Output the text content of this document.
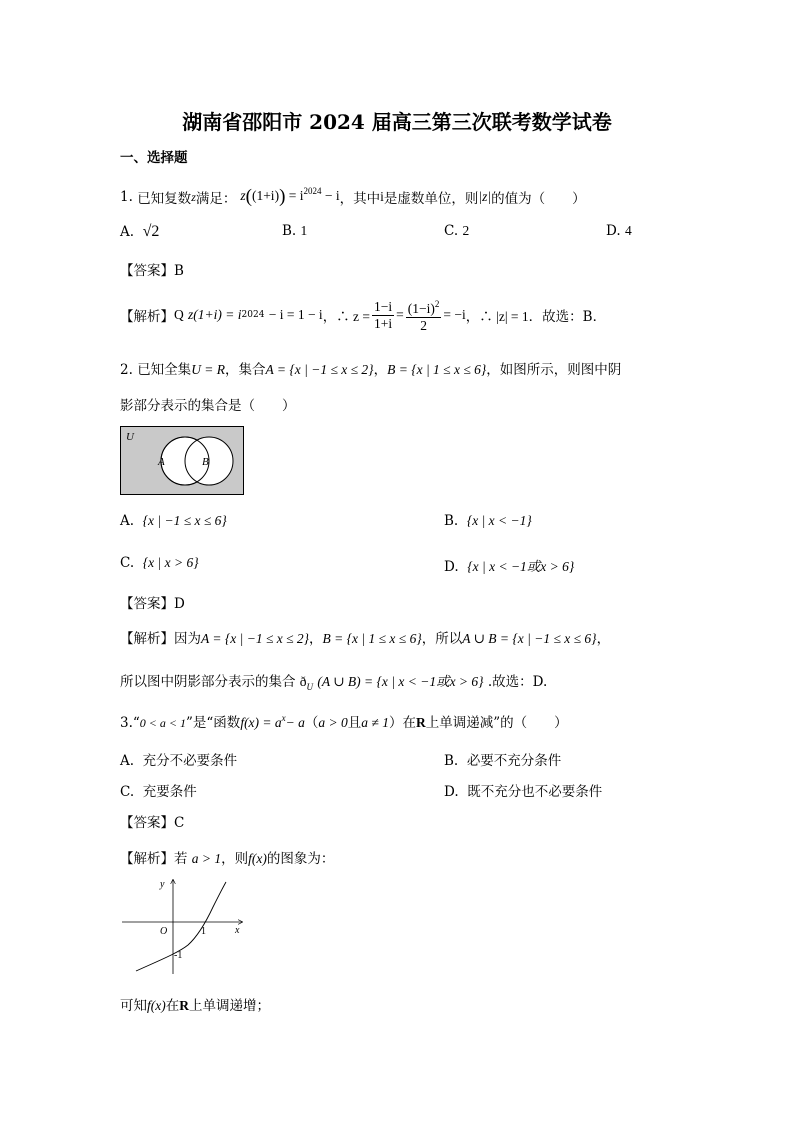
湖南省邵阳市 2024 届高三第三次联考数学试卷
一、选择题
1.
已知复数 z 满足： $z((1+i)) = i^{2024} - i$ ，其中 i 是虚数单位，则 |z| 的值为（　　）
A. √2	B. 1	C. 2	D. 4
【答案】B
【解析】 Q
z(1+i) = i 2024
− i = 1 − i ，∴ $z = \frac{1-i}{1+i} = \frac{(1-i)^2}{2} = -i$ ，∴ |z| = 1 ．故选：B．
2. 已知全集U = R，集合A = {x | −1 ≤ x ≤ 2}，B = {x | 1 ≤ x ≤ 6}，如图所示，则图中阴
影部分表示的集合是（　　）
U
A	B
A. {x | −1 ≤ x ≤ 6}	B. {x | x < −1}
C. {x | x > 6}	D. {x | x < −1或x > 6}
【答案】D
【解析】因为A = {x | −1 ≤ x ≤ 2}，B = {x | 1 ≤ x ≤ 6}，所以A ∪ B = {x | −1 ≤ x ≤ 6}，
所以图中阴影部分表示的集合 $ð_U$ (A ∪ B) = {x | x < −1或x > 6} .故选：D.
3.“0 < a < 1”是“函数$f(x) = a^x- a(a > 0$且a ≠ 1）在R上单调递减”的（　　）
A. 充分不必要条件	B. 必要不充分条件
C. 充要条件	D. 既不充分也不必要条件
【答案】C
【解析】若 a > 1，则f(x)的图象为：
y
x
O	1
-1
可知f(x)在R上单调递增；
